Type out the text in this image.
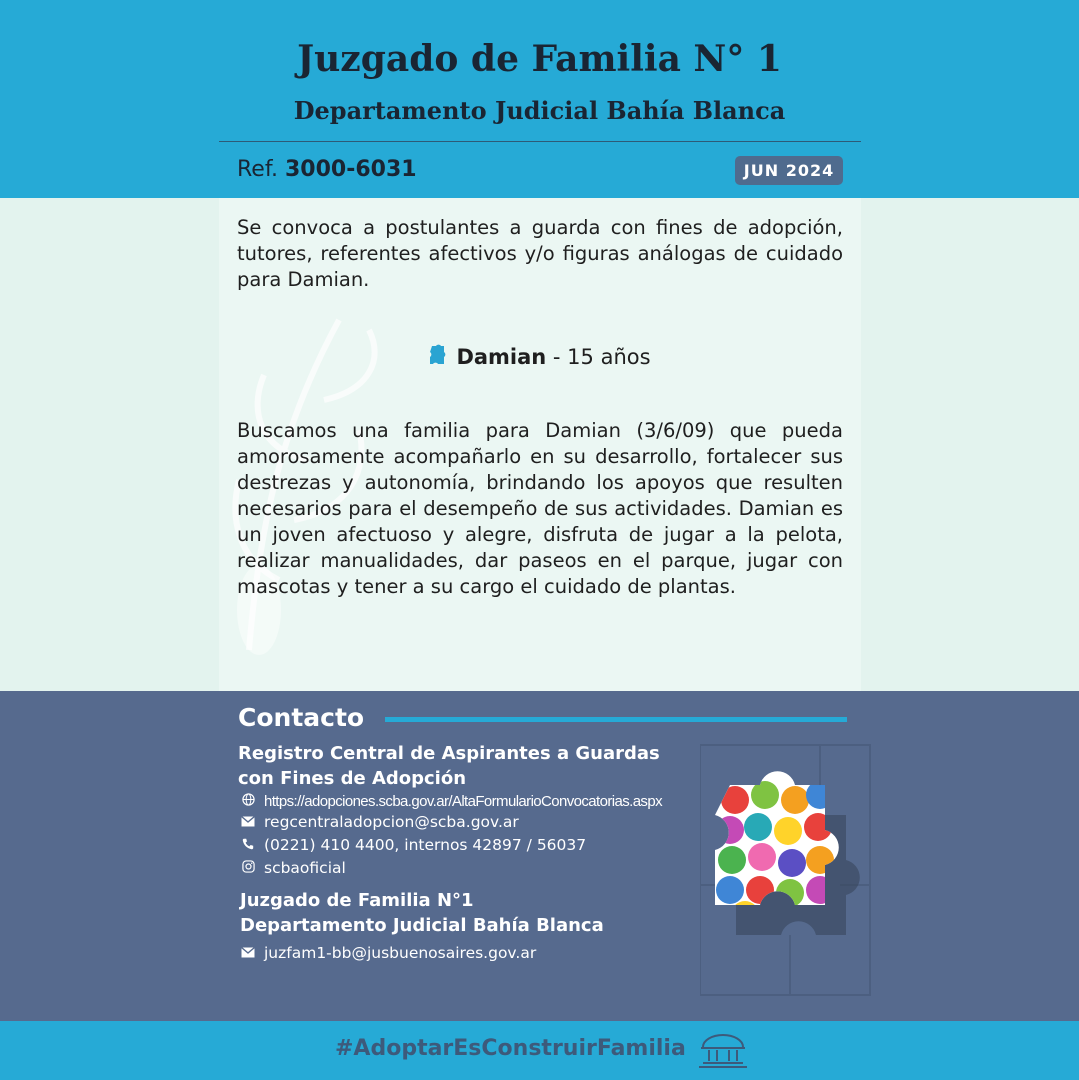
Juzgado de Familia N° 1
Departamento Judicial Bahía Blanca
Ref. 3000-6031	JUN 2024

Se convoca a postulantes a guarda con fines de adopción, tutores, referentes afectivos y/o figuras análogas de cuidado para Damian.

Damian - 15 años

Buscamos una familia para Damian (3/6/09) que pueda amorosamente acompañarlo en su desarrollo, fortalecer sus destrezas y autonomía, brindando los apoyos que resulten necesarios para el desempeño de sus actividades. Damian es un joven afectuoso y alegre, disfruta de jugar a la pelota, realizar manualidades, dar paseos en el parque, jugar con mascotas y tener a su cargo el cuidado de plantas.

Contacto
Registro Central de Aspirantes a Guardas
con Fines de Adopción
https://adopciones.scba.gov.ar/AltaFormularioConvocatorias.aspx
regcentraladopcion@scba.gov.ar
(0221) 410 4400, internos 42897 / 56037
scbaoficial
Juzgado de Familia N°1
Departamento Judicial Bahía Blanca
juzfam1-bb@jusbuenosaires.gov.ar
#AdoptarEsConstruirFamilia
